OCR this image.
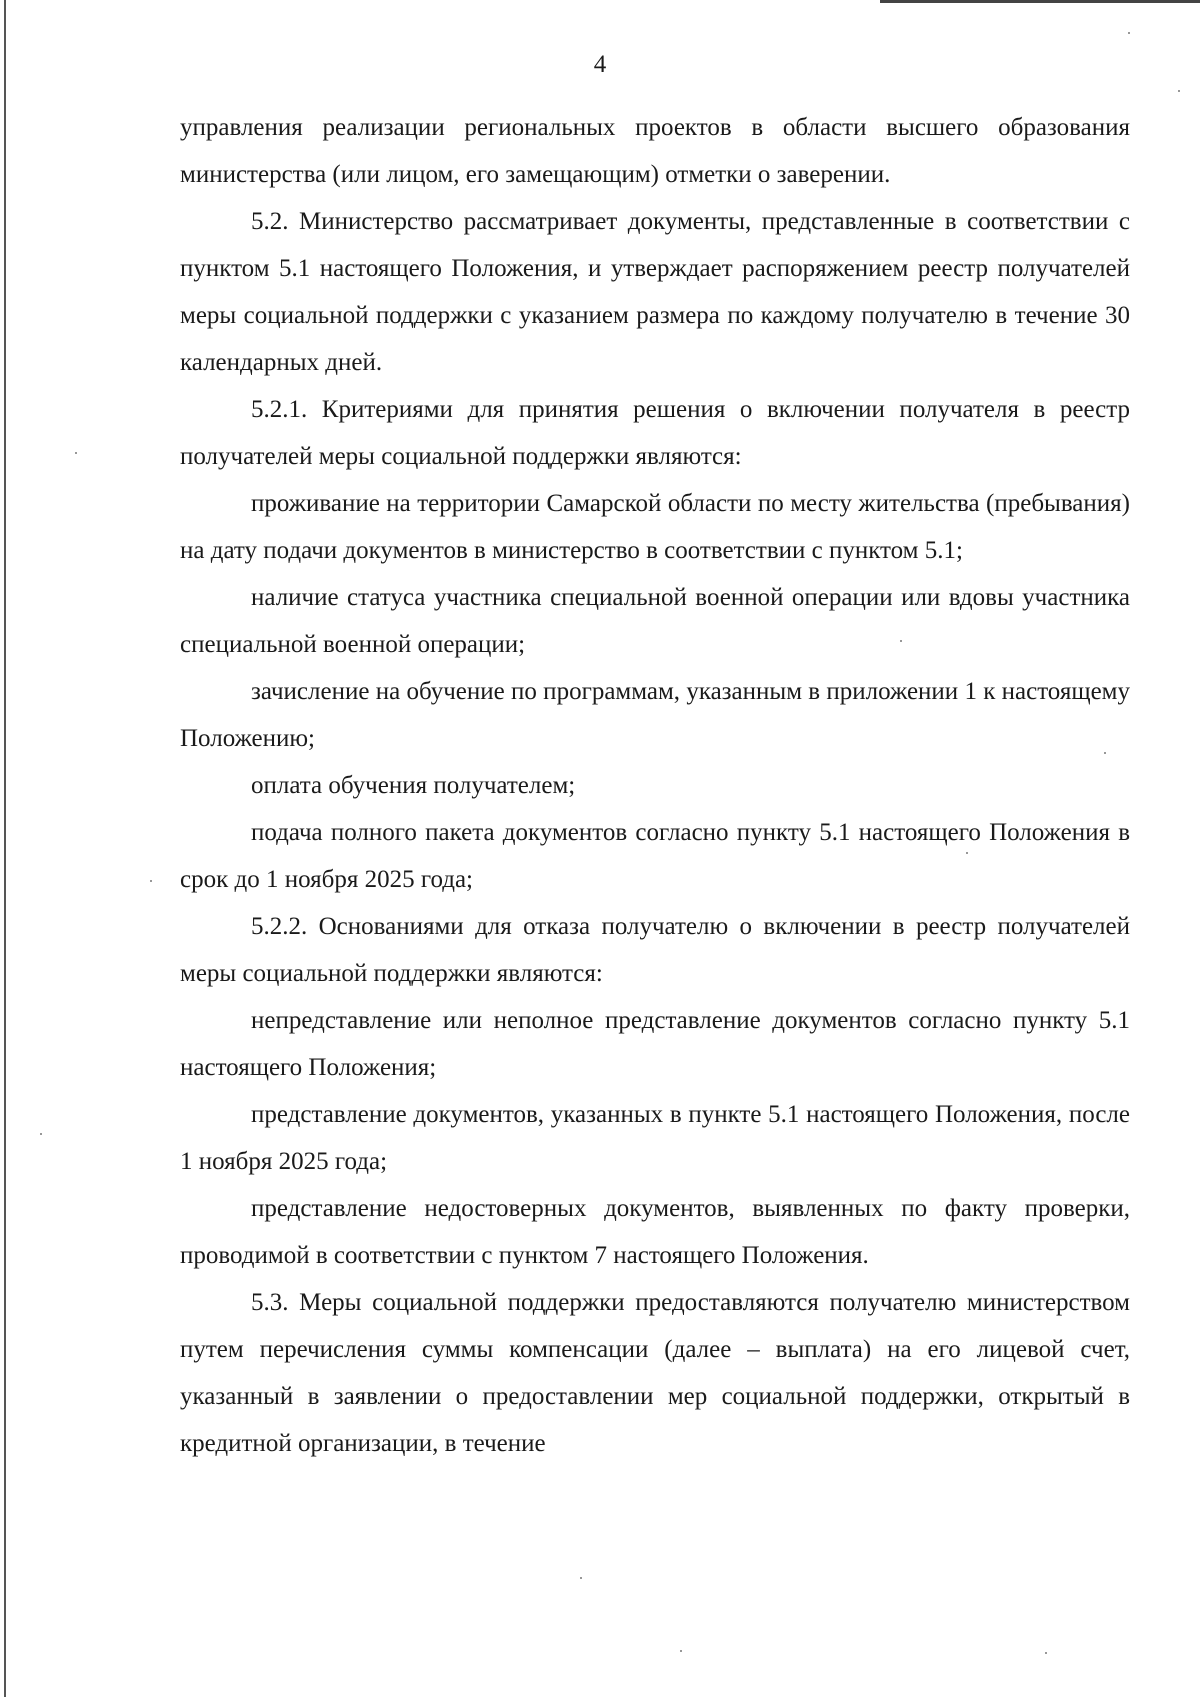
4

управления реализации региональных проектов в области высшего образования министерства (или лицом, его замещающим) отметки о заверении.

5.2. Министерство рассматривает документы, представленные в соответствии с пунктом 5.1 настоящего Положения, и утверждает распоряжением реестр получателей меры социальной поддержки с указанием размера по каждому получателю в течение 30 календарных дней.

5.2.1. Критериями для принятия решения о включении получателя в реестр получателей меры социальной поддержки являются:

проживание на территории Самарской области по месту жительства (пребывания) на дату подачи документов в министерство в соответствии с пунктом 5.1;

наличие статуса участника специальной военной операции или вдовы участника специальной военной операции;

зачисление на обучение по программам, указанным в приложении 1 к настоящему Положению;

оплата обучения получателем;

подача полного пакета документов согласно пункту 5.1 настоящего Положения в срок до 1 ноября 2025 года;

5.2.2. Основаниями для отказа получателю о включении в реестр получателей меры социальной поддержки являются:

непредставление или неполное представление документов согласно пункту 5.1 настоящего Положения;

представление документов, указанных в пункте 5.1 настоящего Положения, после 1 ноября 2025 года;

представление недостоверных документов, выявленных по факту проверки, проводимой в соответствии с пунктом 7 настоящего Положения.

5.3. Меры социальной поддержки предоставляются получателю министерством путем перечисления суммы компенсации (далее – выплата) на его лицевой счет, указанный в заявлении о предоставлении мер социальной поддержки, открытый в кредитной организации, в течение
